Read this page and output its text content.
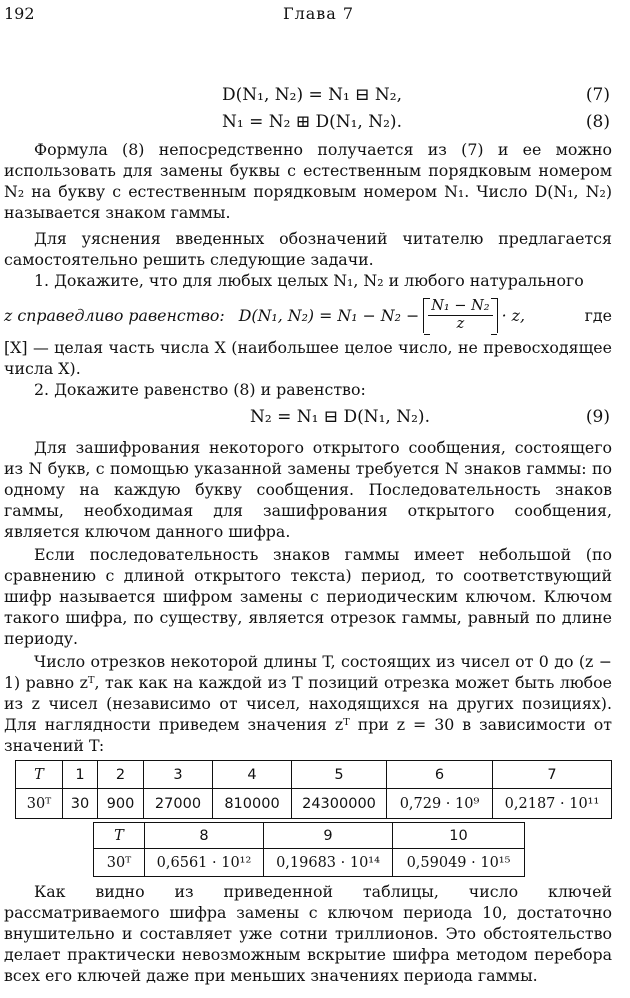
192	Глава 7
D(N₁, N₂) = N₁ ⊟ N₂,	(7)
N₁ = N₂ ⊞ D(N₁, N₂).	(8)
Формула (8) непосредственно получается из (7) и ее можно использовать для замены буквы с естественным порядковым номером N₂ на букву с естественным порядковым номером N₁. Число D(N₁, N₂) называется знаком гаммы.
Для уяснения введенных обозначений читателю предлагается самостоятельно решить следующие задачи.
1. Докажите, что для любых целых N₁, N₂ и любого натурального
z справедливо равенство: D(N₁, $N_2) = N_1 - N_2 - \frac{\text{N₁ − N₂}}{z} \cdot z$,	где
[X] — целая часть числа X (наибольшее целое число, не превосходящее числа X).
2. Докажите равенство (8) и равенство:
N₂ = N₁ ⊟ D(N₁, N₂).	(9)
Для зашифрования некоторого открытого сообщения, состоящего из N букв, с помощью указанной замены требуется N знаков гаммы: по одному на каждую букву сообщения. Последовательность знаков гаммы, необходимая для зашифрования открытого сообщения, является ключом данного шифра.
Если последовательность знаков гаммы имеет небольшой (по сравнению с длиной открытого текста) период, то соответствующий шифр называется шифром замены с периодическим ключом. Ключом такого шифра, по существу, является отрезок гаммы, равный по длине периоду.
Число отрезков некоторой длины T, состоящих из чисел от 0 до (z − 1) равно zᵀ, так как на каждой из T позиций отрезка может быть любое из z чисел (независимо от чисел, находящихся на других позициях). Для наглядности приведем значения zᵀ при z = 30 в зависимости от значений T:
T	1	2	3	4	5	6	7
30ᵀ	30	900	27000	810000	24300000	0,729 · 10⁹	0,2187 · 10¹¹
T	8	9	10
30ᵀ	0,6561 · 10¹²	0,19683 · 10¹⁴	0,59049 · 10¹⁵
Как видно из приведенной таблицы, число ключей рассматриваемого шифра замены с ключом периода 10, достаточно внушительно и составляет уже сотни триллионов. Это обстоятельство делает практически невозможным вскрытие шифра методом перебора всех его ключей даже при меньших значениях периода гаммы.
